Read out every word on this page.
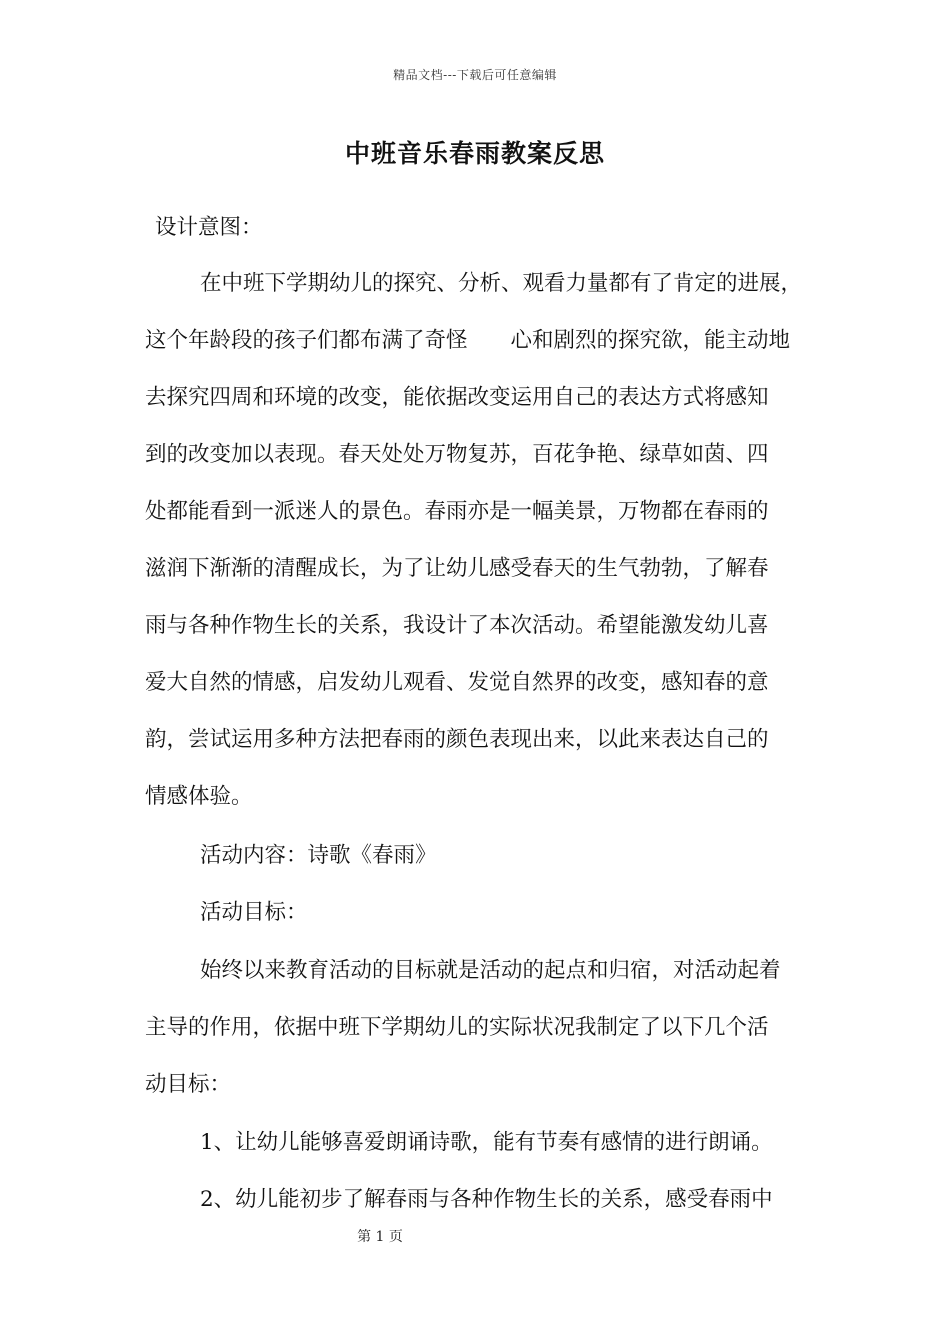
精品文档---下载后可任意编辑
中班音乐春雨教案反思
设计意图：
在中班下学期幼儿的探究、分析、观看力量都有了肯定的进展，
这个年龄段的孩子们都布满了奇怪　　心和剧烈的探究欲，能主动地
去探究四周和环境的改变，能依据改变运用自己的表达方式将感知
到的改变加以表现。春天处处万物复苏，百花争艳、绿草如茵、四
处都能看到一派迷人的景色。春雨亦是一幅美景，万物都在春雨的
滋润下渐渐的清醒成长，为了让幼儿感受春天的生气勃勃，了解春
雨与各种作物生长的关系，我设计了本次活动。希望能激发幼儿喜
爱大自然的情感，启发幼儿观看、发觉自然界的改变，感知春的意
韵，尝试运用多种方法把春雨的颜色表现出来，以此来表达自己的
情感体验。
活动内容：诗歌《春雨》
活动目标：
始终以来教育活动的目标就是活动的起点和归宿，对活动起着
主导的作用，依据中班下学期幼儿的实际状况我制定了以下几个活
动目标：
1、让幼儿能够喜爱朗诵诗歌，能有节奏有感情的进行朗诵。
2、幼儿能初步了解春雨与各种作物生长的关系，感受春雨中
第 1 页
